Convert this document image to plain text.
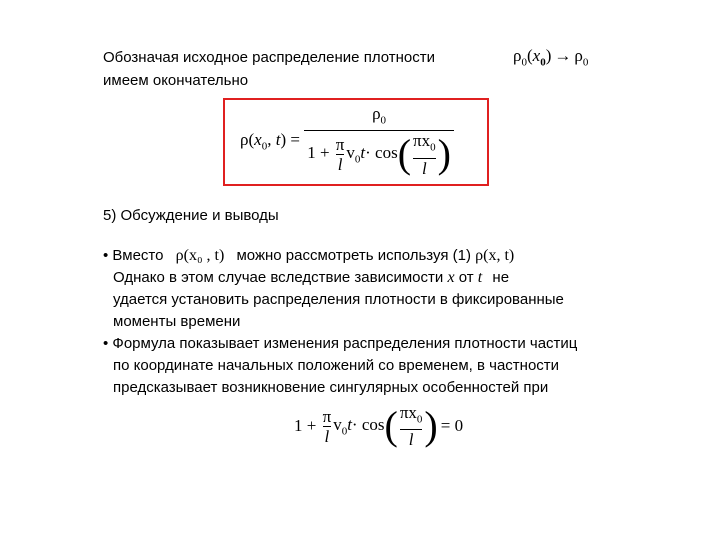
Обозначая исходное распределение плотности
имеем окончательно
$\rho_0(x_0) \to \rho_0$
$\rho(x_0$, $t) = \frac{\rho_0}{1 + \frac{\pi}{l} v_0t\cdot \cos( \frac{\pi x_0}{l} )}$
5) Обсуждение и выводы
• Вместо ρ(x₀ , t) можно рассмотреть используя (1) ρ(x, t)
Однако в этом случае вследствие зависимости x от t не
удается установить распределения плотности в фиксированные
моменты времени
• Формула показывает изменения распределения плотности частиц
по координате начальных положений со временем, в частности
предсказывает возникновение сингулярных особенностей при
$1 + \frac{\pi}{l} v_0t\cdot \cos( \frac{\pi x_0}{l}$ ) = 0
